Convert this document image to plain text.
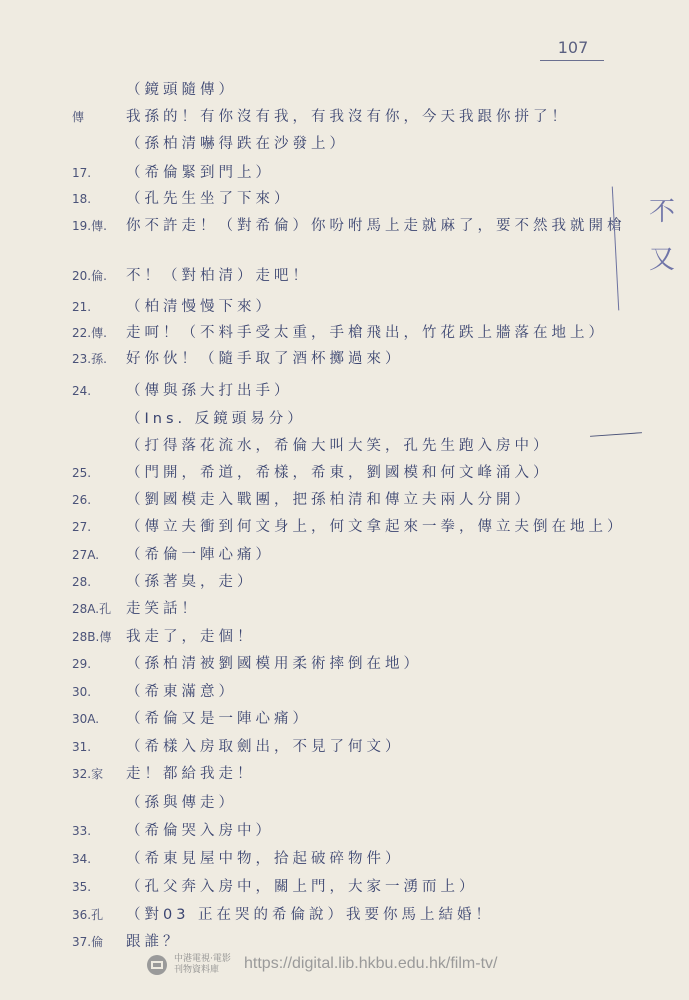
107
（鏡頭隨傳）
傳	我孫的！有你沒有我，有我沒有你，今天我跟你拼了！
（孫柏清嚇得跌在沙發上）
17.	（希倫緊到門上）
18.	（孔先生坐了下來）
19.傳.	你不許走！（對希倫）你吩咐馬上走就麻了，要不然我就開槍
20.倫.	不！（對柏清）走吧！
21.	（柏清慢慢下來）
22.傳.	走呵！（不料手受太重，手槍飛出，竹花跌上牆落在地上）
23.孫.	好你伙！（隨手取了酒杯擲過來）
24.	（傳與孫大打出手）
（Ins. 反鏡頭易分）
（打得落花流水，希倫大叫大笑，孔先生跑入房中）
25.	（門開，希道，希樣，希東，劉國模和何文峰涌入）
26.	（劉國模走入戰團，把孫柏清和傳立夫兩人分開）
27.	（傳立夫衝到何文身上，何文拿起來一拳，傳立夫倒在地上）
27A.	（希倫一陣心痛）
28.	（孫著臭，走）
28A.孔	走笑話！
28B.傳	我走了，走個！
29.	（孫柏清被劉國模用柔術摔倒在地）
30.	（希東滿意）
30A.	（希倫又是一陣心痛）
31.	（希樣入房取劍出，不見了何文）
32.家	走！都給我走！
（孫與傳走）
33.	（希倫哭入房中）
34.	（希東見屋中物，拾起破碎物件）
35.	（孔父奔入房中，關上門，大家一湧而上）
36.孔	（對03 正在哭的希倫說）我要你馬上結婚！
37.倫	跟誰？
不又
中港電視·電影
刊物資料庫	https://digital.lib.hkbu.edu.hk/film-tv/
